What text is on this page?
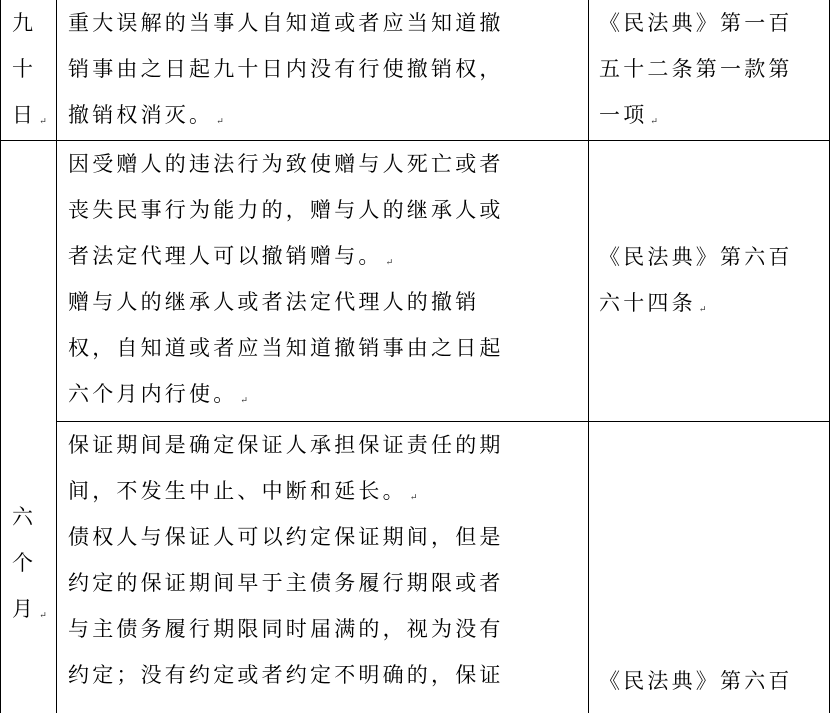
九
十
日 ↵
重大误解的当事人自知道或者应当知道撤
销事由之日起九十日内没有行使撤销权，
撤销权消灭。 ↵
《民法典》第一百
五十二条第一款第
一项 ↵
六
个
月 ↵
因受赠人的违法行为致使赠与人死亡或者
丧失民事行为能力的，赠与人的继承人或
者法定代理人可以撤销赠与。 ↵
赠与人的继承人或者法定代理人的撤销
权，自知道或者应当知道撤销事由之日起
六个月内行使。 ↵
《民法典》第六百
六十四条 ↵
保证期间是确定保证人承担保证责任的期
间，不发生中止、中断和延长。 ↵
债权人与保证人可以约定保证期间，但是
约定的保证期间早于主债务履行期限或者
与主债务履行期限同时届满的，视为没有
约定；没有约定或者约定不明确的，保证	《民法典》第六百
